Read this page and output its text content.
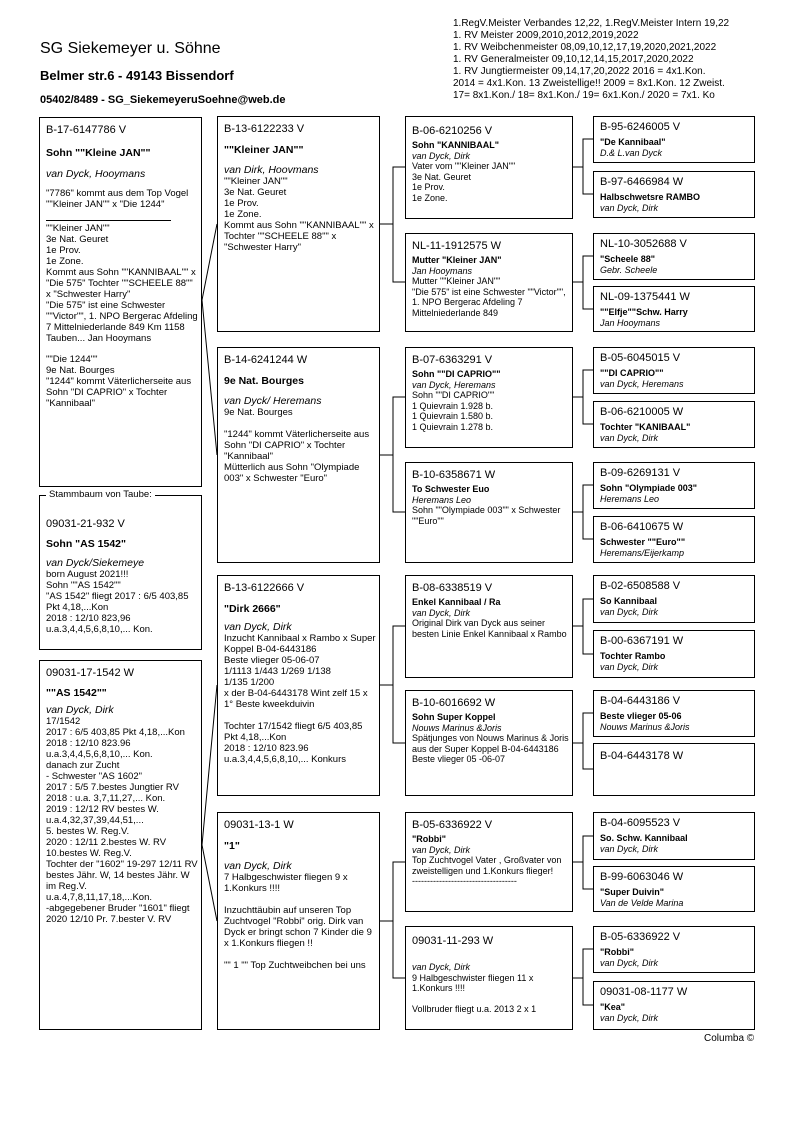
SG Siekemeyer u. Söhne
Belmer str.6 - 49143 Bissendorf
05402/8489 - SG_SiekemeyeruSoehne@web.de
1.RegV.Meister Verbandes 12,22, 1.RegV.Meister Intern 19,22
1. RV Meister 2009,2010,2012,2019,2022
1. RV Weibchenmeister 08,09,10,12,17,19,2020,2021,2022
1. RV Generalmeister 09,10,12,14,15,2017,2020,2022
1. RV Jungtiermeister 09,14,17,20,2022 2016 = 4x1.Kon.
2014 = 4x1.Kon. 13 Zweistellige!! 2009 = 8x1.Kon. 12 Zweist.
17= 8x1.Kon./ 18= 8x1.Kon./ 19= 6x1.Kon./ 2020 = 7x1. Ko
B-17-6147786 V
Sohn ""Kleine JAN""
van Dyck, Hooymans
"7786" kommt aus dem Top Vogel ""Kleiner JAN"" x "Die 1244"
""Kleiner JAN""
3e Nat. Geuret
1e Prov.
1e Zone.
Kommt aus Sohn ""KANNIBAAL"" x "Die 575" Tochter ""SCHEELE 88"" x "Schwester Harry"
"Die 575" ist eine Schwester ""Victor"", 1. NPO Bergerac Afdeling 7 Mittelniederlande 849 Km 1158 Tauben... Jan Hooymans
""Die 1244""
9e Nat. Bourges
"1244" kommt Väterlicherseite aus Sohn "DI CAPRIO" x Tochter "Kannibaal"
09031-21-932 V
Sohn "AS 1542"
van Dyck/Siekemeye
born August 2021!!!
Sohn ""AS 1542""
"AS 1542" fliegt 2017 : 6/5 403,85 Pkt 4,18,...Kon
2018 : 12/10 823,96
u.a.3,4,4,5,6,8,10,... Kon.
Stammbaum von Taube:
09031-17-1542 W
""AS 1542""
van Dyck, Dirk
17/1542
2017 : 6/5 403,85 Pkt 4,18,...Kon
2018 : 12/10 823.96
u.a.3,4,4,5,6,8,10,... Kon.
danach zur Zucht
- Schwester "AS 1602"
2017 : 5/5 7.bestes Jungtier RV
2018 : u.a. 3,7,11,27,... Kon.
2019 : 12/12 RV bestes W.
u.a.4,32,37,39,44,51,...
5. bestes W. Reg.V.
2020 : 12/11 2.bestes W. RV 10.bestes W. Reg.V.
Tochter der "1602" 19-297 12/11 RV bestes Jähr. W, 14 bestes Jähr. W im Reg.V.
u.a.4,7,8,11,17,18,...Kon.
-abgegebener Bruder "1601" fliegt 2020 12/10 Pr. 7.bester V. RV
B-13-6122233 V
""Kleiner JAN""
van Dirk, Hoovmans
""Kleiner JAN""
3e Nat. Geuret
1e Prov.
1e Zone.
Kommt aus Sohn ""KANNIBAAL"" x Tochter ""SCHEELE 88"" x "Schwester Harry"
B-14-6241244 W
9e Nat. Bourges
van Dyck/ Heremans
9e Nat. Bourges

"1244" kommt Väterlicherseite aus Sohn "DI CAPRIO" x Tochter "Kannibaal"
Mütterlich aus Sohn "Olympiade 003" x Schwester "Euro"
B-13-6122666 V
"Dirk 2666"
van Dyck, Dirk
Inzucht Kannibaal x Rambo x Super Koppel B-04-6443186
Beste vlieger 05-06-07
1/1113 1/443 1/269 1/138
1/135 1/200
x der B-04-6443178 Wint zelf 15 x 1° Beste kweekduivin

Tochter 17/1542 fliegt 6/5 403,85 Pkt 4,18,...Kon
2018 : 12/10 823.96
u.a.3,4,4,5,6,8,10,... Konkurs
09031-13-1 W
"1"
van Dyck, Dirk
7 Halbgeschwister fliegen 9 x 1.Konkurs !!!!

Inzuchttäubin auf unseren Top Zuchtvogel "Robbi" orig. Dirk van Dyck er bringt schon 7 Kinder die 9 x 1.Konkurs fliegen !!

"" 1 "" Top Zuchtweibchen bei uns
B-06-6210256 V
Sohn "KANNIBAAL"
van Dyck, Dirk
Vater vom ""Kleiner JAN""
3e Nat. Geuret
1e Prov.
1e Zone.
NL-11-1912575 W
Mutter "Kleiner JAN"
Jan Hooymans
Mutter ""Kleiner JAN""
"Die 575" ist eine Schwester ""Victor"", 1. NPO Bergerac Afdeling 7 Mittelniederlande 849
B-07-6363291 V
Sohn ""DI CAPRIO""
van Dyck, Heremans
Sohn ""DI CAPRIO""
1 Quievrain 1.928 b.
1 Quievrain 1.580 b.
1 Quievrain 1.278 b.
B-10-6358671 W
To Schwester Euo
Heremans Leo
Sohn ""Olympiade 003"" x Schwester ""Euro""
B-08-6338519 V
Enkel Kannibaal / Ra
van Dyck, Dirk
Original Dirk van Dyck aus seiner besten Linie Enkel Kannibaal x Rambo
B-10-6016692 W
Sohn Super Koppel
Nouws Marinus &Joris
Spätjunges von Nouws Marinus & Joris aus der Super Koppel B-04-6443186 Beste vlieger 05 -06-07
B-05-6336922 V
"Robbi"
van Dyck, Dirk
Top Zuchtvogel Vater , Großvater von zweistelligen und 1.Konkurs flieger!
-----------------------------------
09031-11-293 W
van Dyck, Dirk
9 Halbgeschwister fliegen 11 x 1.Konkurs !!!!

Vollbruder fliegt u.a. 2013 2 x 1
B-95-6246005 V
"De Kannibaal"
D.& L.van Dyck
B-97-6466984 W
Halbschwetsre RAMBO
van Dyck, Dirk
NL-10-3052688 V
"Scheele 88"
Gebr. Scheele
NL-09-1375441 W
""Elfje""Schw. Harry
Jan Hooymans
B-05-6045015 V
""DI CAPRIO""
van Dyck, Heremans
B-06-6210005 W
Tochter "KANIBAAL"
van Dyck, Dirk
B-09-6269131 V
Sohn "Olympiade 003"
Heremans Leo
B-06-6410675 W
Schwester ""Euro""
Heremans/Eijerkamp
B-02-6508588 V
So Kannibaal
van Dyck, Dirk
B-00-6367191 W
Tochter Rambo
van Dyck, Dirk
B-04-6443186 V
Beste vlieger 05-06
Nouws Marinus &Joris
B-04-6443178 W
B-04-6095523 V
So. Schw. Kannibaal
van Dyck, Dirk
B-99-6063046 W
"Super Duivin"
Van de Velde Marina
B-05-6336922 V
"Robbi"
van Dyck, Dirk
09031-08-1177 W
"Kea"
van Dyck, Dirk
Columba ©
